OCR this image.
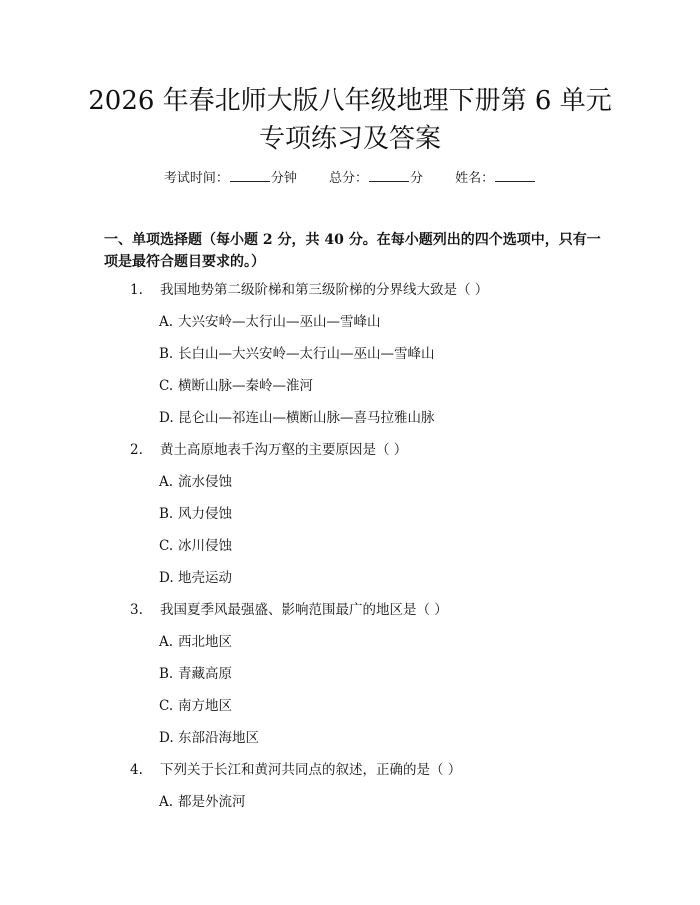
2026 年春北师大版八年级地理下册第 6 单元
专项练习及答案
考试时间：	分钟 总分：	分 姓名：

一、单项选择题（每小题 2 分，共 40 分。在每小题列出的四个选项中，只有一项是最符合题目要求的。）

1.	我国地势第二级阶梯和第三级阶梯的分界线大致是（ ）
A. 大兴安岭—太行山—巫山—雪峰山
B. 长白山—大兴安岭—太行山—巫山—雪峰山
C. 横断山脉—秦岭—淮河
D. 昆仑山—祁连山—横断山脉—喜马拉雅山脉
2.	黄土高原地表千沟万壑的主要原因是（ ）
A. 流水侵蚀
B. 风力侵蚀
C. 冰川侵蚀
D. 地壳运动
3.	我国夏季风最强盛、影响范围最广的地区是（ ）
A. 西北地区
B. 青藏高原
C. 南方地区
D. 东部沿海地区
4.	下列关于长江和黄河共同点的叙述，正确的是（ ）
A. 都是外流河
